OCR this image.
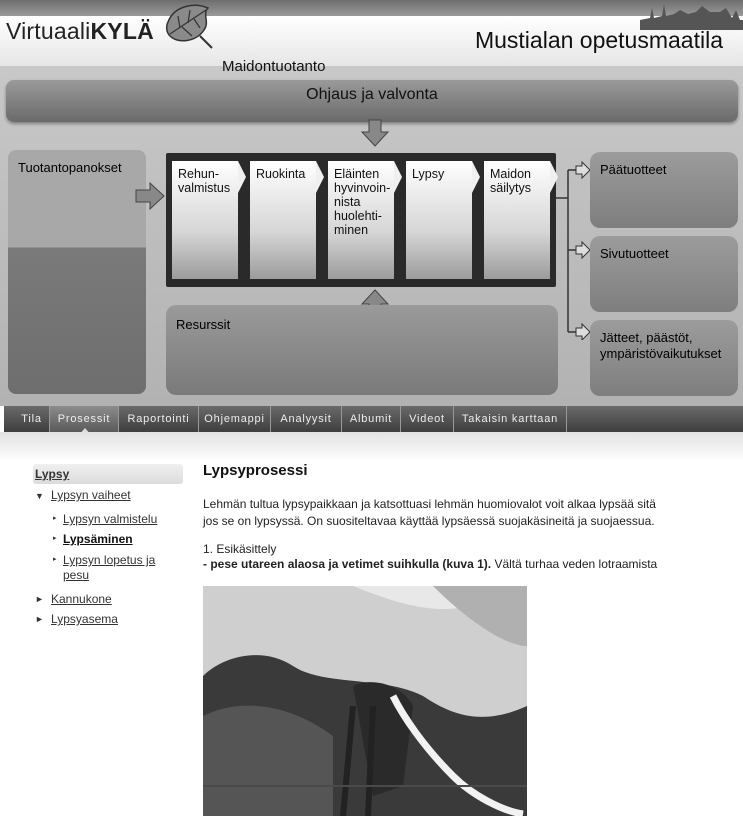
VirtuaaliKYLÄ	Mustialan opetusmaatila
Maidontuotanto
Ohjaus ja valvonta
Tuotantopanokset	Rehun-
valmistus
Ruokinta Eläinten
hyvinvoin-
nista
huolehti-
minen
Lypsy	Maidon
säilytys
Resurssit
Päätuotteet
Sivutuotteet
Jätteet, päästöt,
ympäristövaikutukset
Tila	Prosessit	Raportointi	Ohjemappi	Analyysit	Albumit	Videot	Takaisin karttaan
Lypsy
▼ Lypsyn vaiheet
▸ Lypsyn valmistelu
▸ Lypsäminen
▸ Lypsyn lopetus ja
pesu
► Kannukone
► Lypsyasema
Lypsyprosessi
Lehmän tultua lypsypaikkaan ja katsottuasi lehmän huomiovalot voit alkaa lypsää sitä jos se on lypsyssä. On suositeltavaa käyttää lypsäessä suojakäsineitä ja suojaessua.
1. Esikäsittely
- pese utareen alaosa ja vetimet suihkulla (kuva 1). Vältä turhaa veden lotraamista
